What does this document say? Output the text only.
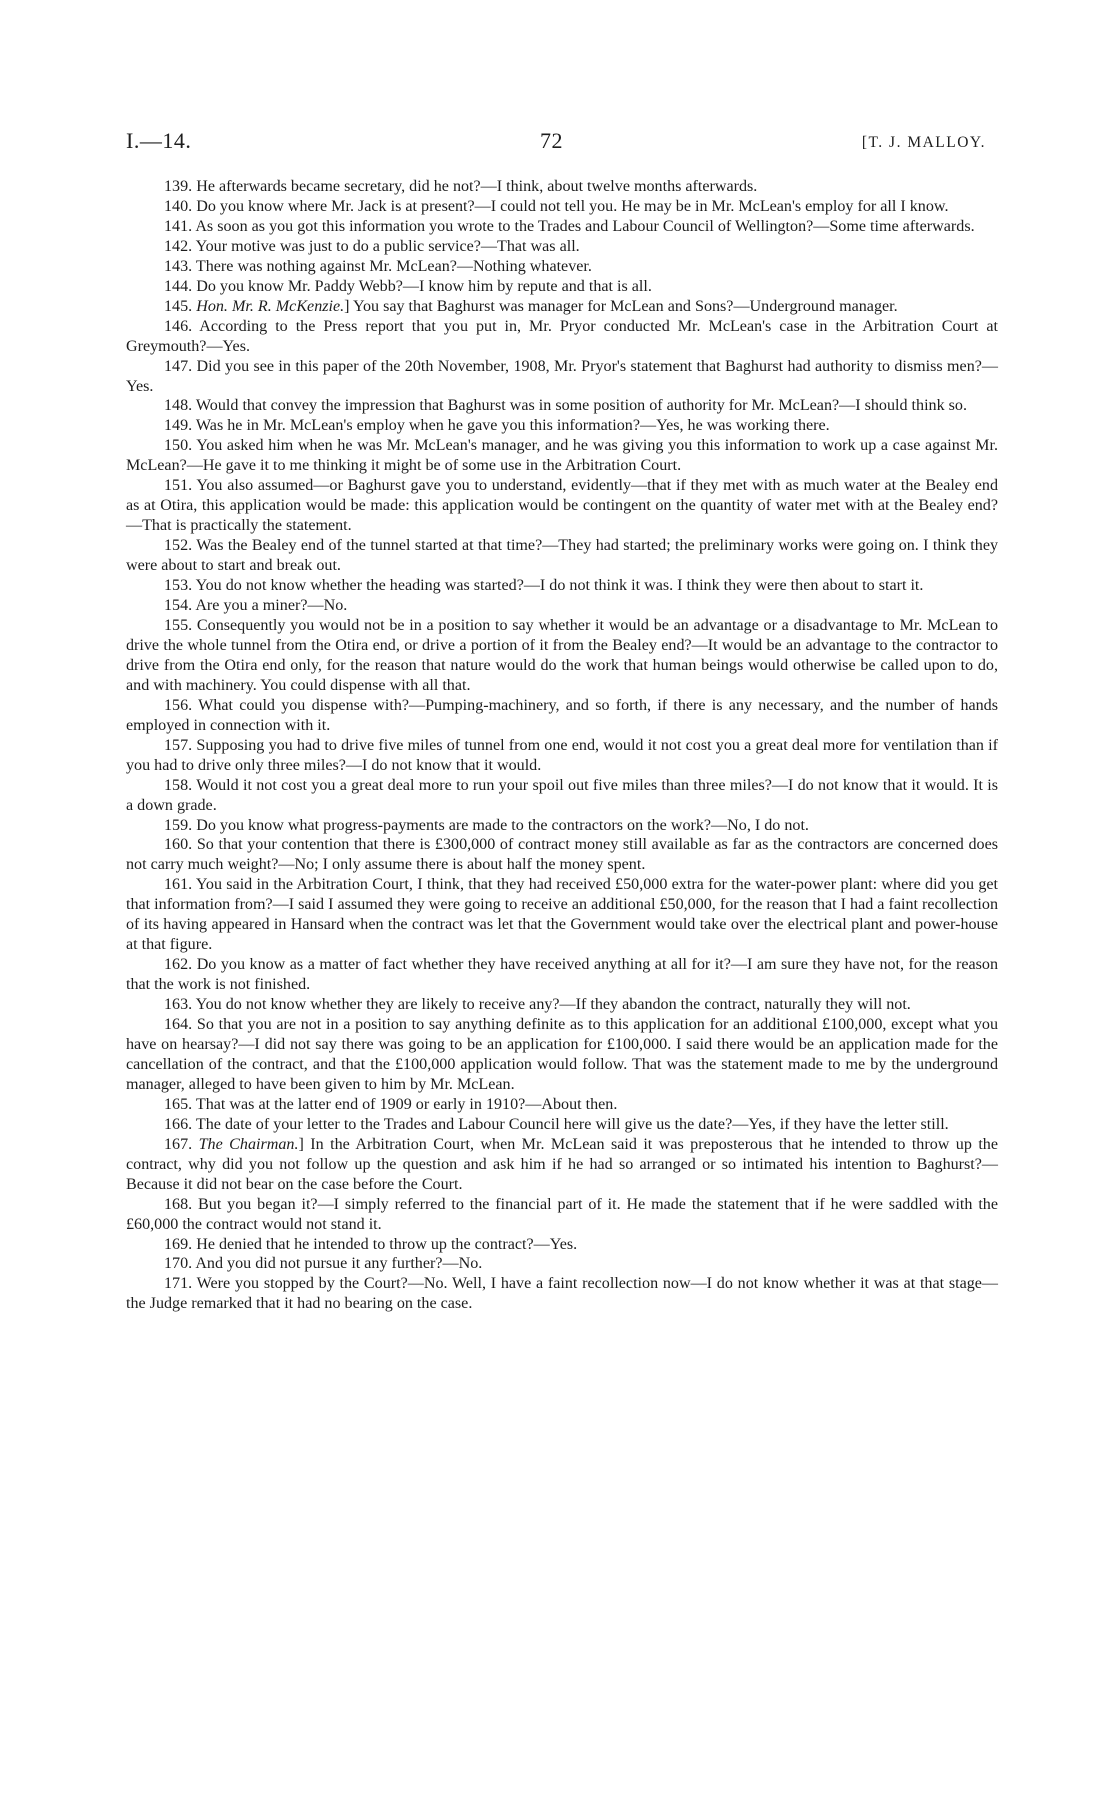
I.—14.	72	[T. J. MALLOY.

139. He afterwards became secretary, did he not?—I think, about twelve months afterwards.

140. Do you know where Mr. Jack is at present?—I could not tell you. He may be in Mr. McLean's employ for all I know.

141. As soon as you got this information you wrote to the Trades and Labour Council of Wellington?—Some time afterwards.

142. Your motive was just to do a public service?—That was all.

143. There was nothing against Mr. McLean?—Nothing whatever.

144. Do you know Mr. Paddy Webb?—I know him by repute and that is all.

145. Hon. Mr. R. McKenzie.] You say that Baghurst was manager for McLean and Sons?—Underground manager.

146. According to the Press report that you put in, Mr. Pryor conducted Mr. McLean's case in the Arbitration Court at Greymouth?—Yes.

147. Did you see in this paper of the 20th November, 1908, Mr. Pryor's statement that Baghurst had authority to dismiss men?—Yes.

148. Would that convey the impression that Baghurst was in some position of authority for Mr. McLean?—I should think so.

149. Was he in Mr. McLean's employ when he gave you this information?—Yes, he was working there.

150. You asked him when he was Mr. McLean's manager, and he was giving you this information to work up a case against Mr. McLean?—He gave it to me thinking it might be of some use in the Arbitration Court.

151. You also assumed—or Baghurst gave you to understand, evidently—that if they met with as much water at the Bealey end as at Otira, this application would be made: this application would be contingent on the quantity of water met with at the Bealey end?—That is practically the statement.

152. Was the Bealey end of the tunnel started at that time?—They had started; the preliminary works were going on. I think they were about to start and break out.

153. You do not know whether the heading was started?—I do not think it was. I think they were then about to start it.

154. Are you a miner?—No.

155. Consequently you would not be in a position to say whether it would be an advantage or a disadvantage to Mr. McLean to drive the whole tunnel from the Otira end, or drive a portion of it from the Bealey end?—It would be an advantage to the contractor to drive from the Otira end only, for the reason that nature would do the work that human beings would otherwise be called upon to do, and with machinery. You could dispense with all that.

156. What could you dispense with?—Pumping-machinery, and so forth, if there is any necessary, and the number of hands employed in connection with it.

157. Supposing you had to drive five miles of tunnel from one end, would it not cost you a great deal more for ventilation than if you had to drive only three miles?—I do not know that it would.

158. Would it not cost you a great deal more to run your spoil out five miles than three miles?—I do not know that it would. It is a down grade.

159. Do you know what progress-payments are made to the contractors on the work?—No, I do not.

160. So that your contention that there is £300,000 of contract money still available as far as the contractors are concerned does not carry much weight?—No; I only assume there is about half the money spent.

161. You said in the Arbitration Court, I think, that they had received £50,000 extra for the water-power plant: where did you get that information from?—I said I assumed they were going to receive an additional £50,000, for the reason that I had a faint recollection of its having appeared in Hansard when the contract was let that the Government would take over the electrical plant and power-house at that figure.

162. Do you know as a matter of fact whether they have received anything at all for it?—I am sure they have not, for the reason that the work is not finished.

163. You do not know whether they are likely to receive any?—If they abandon the contract, naturally they will not.

164. So that you are not in a position to say anything definite as to this application for an additional £100,000, except what you have on hearsay?—I did not say there was going to be an application for £100,000. I said there would be an application made for the cancellation of the contract, and that the £100,000 application would follow. That was the statement made to me by the underground manager, alleged to have been given to him by Mr. McLean.

165. That was at the latter end of 1909 or early in 1910?—About then.

166. The date of your letter to the Trades and Labour Council here will give us the date?—Yes, if they have the letter still.

167. The Chairman.] In the Arbitration Court, when Mr. McLean said it was preposterous that he intended to throw up the contract, why did you not follow up the question and ask him if he had so arranged or so intimated his intention to Baghurst?—Because it did not bear on the case before the Court.

168. But you began it?—I simply referred to the financial part of it. He made the statement that if he were saddled with the £60,000 the contract would not stand it.

169. He denied that he intended to throw up the contract?—Yes.

170. And you did not pursue it any further?—No.

171. Were you stopped by the Court?—No. Well, I have a faint recollection now—I do not know whether it was at that stage—the Judge remarked that it had no bearing on the case.
